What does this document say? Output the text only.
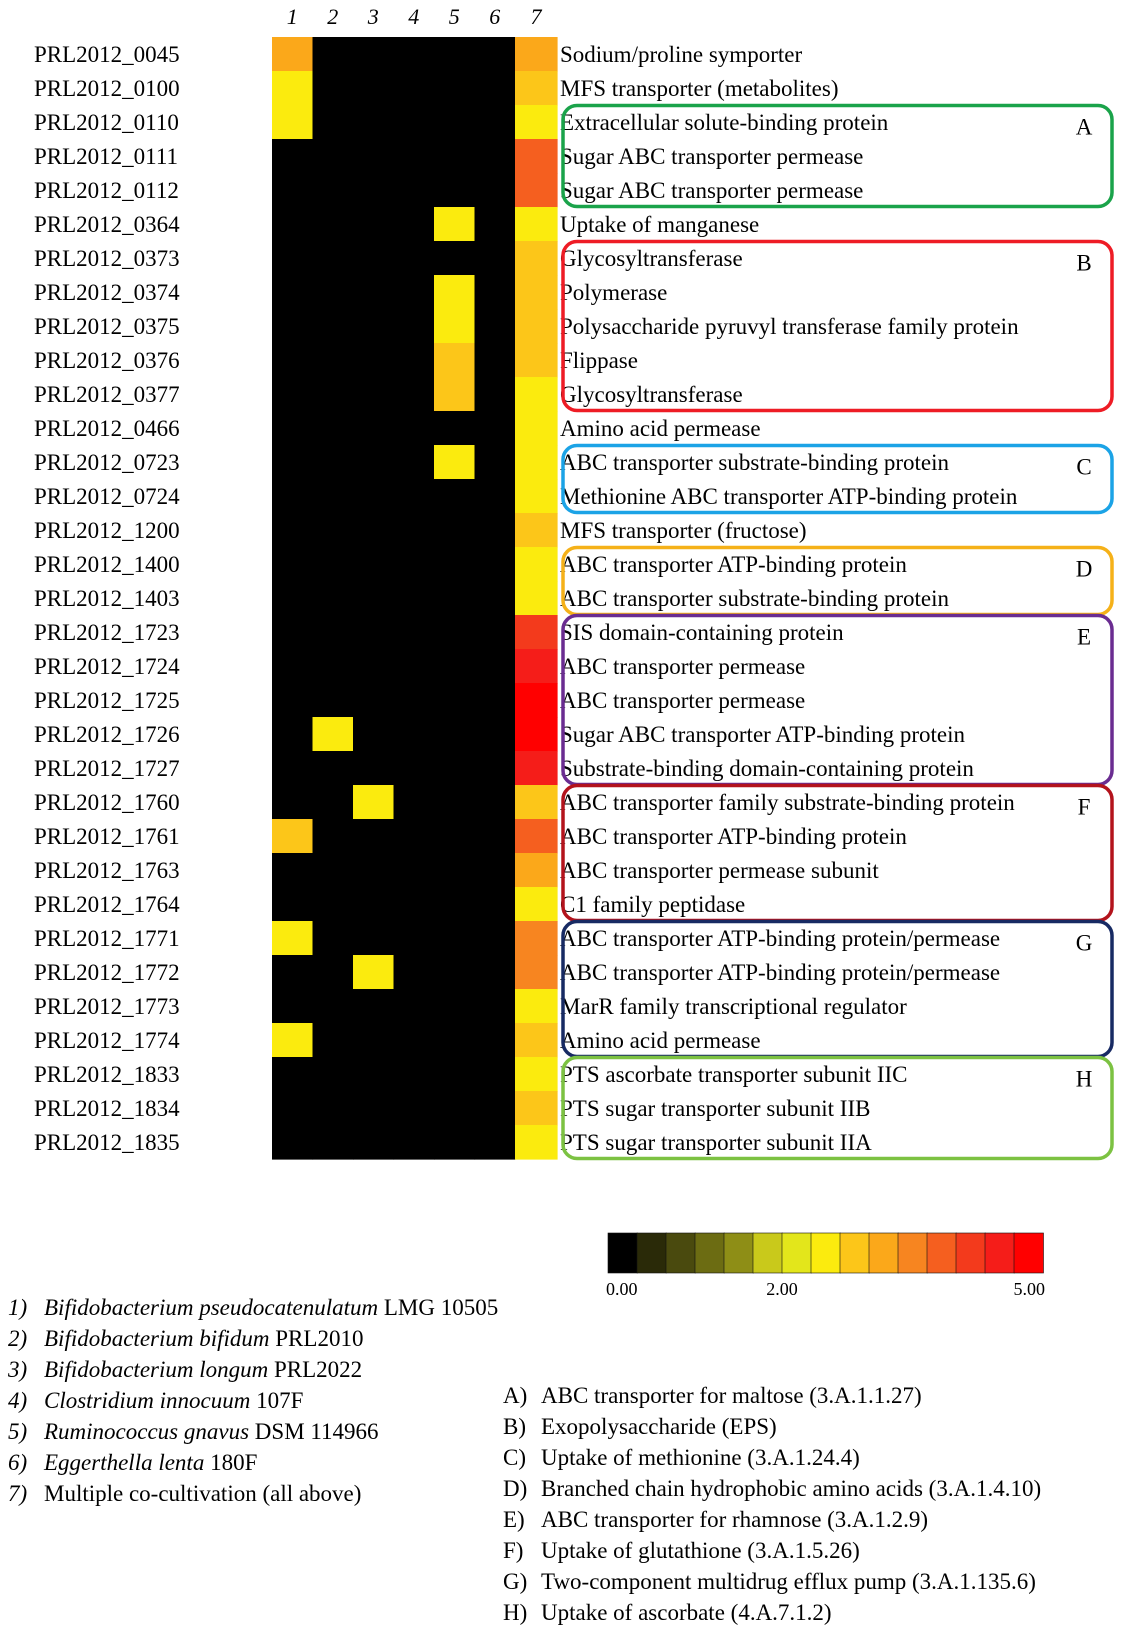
1 2 3 4 5 6 7
PRL2012_0045
PRL2012_0100
PRL2012_0110
PRL2012_0111
PRL2012_0112
PRL2012_0364
PRL2012_0373
PRL2012_0374
PRL2012_0375
PRL2012_0376
PRL2012_0377
PRL2012_0466
PRL2012_0723
PRL2012_0724
PRL2012_1200
PRL2012_1400
PRL2012_1403
PRL2012_1723
PRL2012_1724
PRL2012_1725
PRL2012_1726
PRL2012_1727
PRL2012_1760
PRL2012_1761
PRL2012_1763
PRL2012_1764
PRL2012_1771
PRL2012_1772
PRL2012_1773
PRL2012_1774
PRL2012_1833
PRL2012_1834
PRL2012_1835
Sodium/proline symporter
MFS transporter (metabolites)
Extracellular solute-binding protein
Sugar ABC transporter permease
Sugar ABC transporter permease
Uptake of manganese
Glycosyltransferase
Polymerase
Polysaccharide pyruvyl transferase family protein
Flippase
Glycosyltransferase
Amino acid permease
ABC transporter substrate-binding protein
Methionine ABC transporter ATP-binding protein
MFS transporter (fructose)
ABC transporter ATP-binding protein
ABC transporter substrate-binding protein
SIS domain-containing protein
ABC transporter permease
ABC transporter permease
Sugar ABC transporter ATP-binding protein
Substrate-binding domain-containing protein
ABC transporter family substrate-binding protein
ABC transporter ATP-binding protein
ABC transporter permease subunit
C1 family peptidase
ABC transporter ATP-binding protein/permease
ABC transporter ATP-binding protein/permease
MarR family transcriptional regulator
Amino acid permease
PTS ascorbate transporter subunit IIC
PTS sugar transporter subunit IIB
PTS sugar transporter subunit IIA
A
B
C
D
E
F
G
H
0.00	2.00	5.00
1) Bifidobacterium pseudocatenulatum LMG 10505
2) Bifidobacterium bifidum PRL2010
3) Bifidobacterium longum PRL2022
4) Clostridium innocuum 107F
5) Ruminococcus gnavus DSM 114966
6) Eggerthella lenta 180F
7) Multiple co-cultivation (all above)
A) ABC transporter for maltose (3.A.1.1.27)
B) Exopolysaccharide (EPS)
C) Uptake of methionine (3.A.1.24.4)
D) Branched chain hydrophobic amino acids (3.A.1.4.10)
E) ABC transporter for rhamnose (3.A.1.2.9)
F) Uptake of glutathione (3.A.1.5.26)
G) Two-component multidrug efflux pump (3.A.1.135.6)
H) Uptake of ascorbate (4.A.7.1.2)
